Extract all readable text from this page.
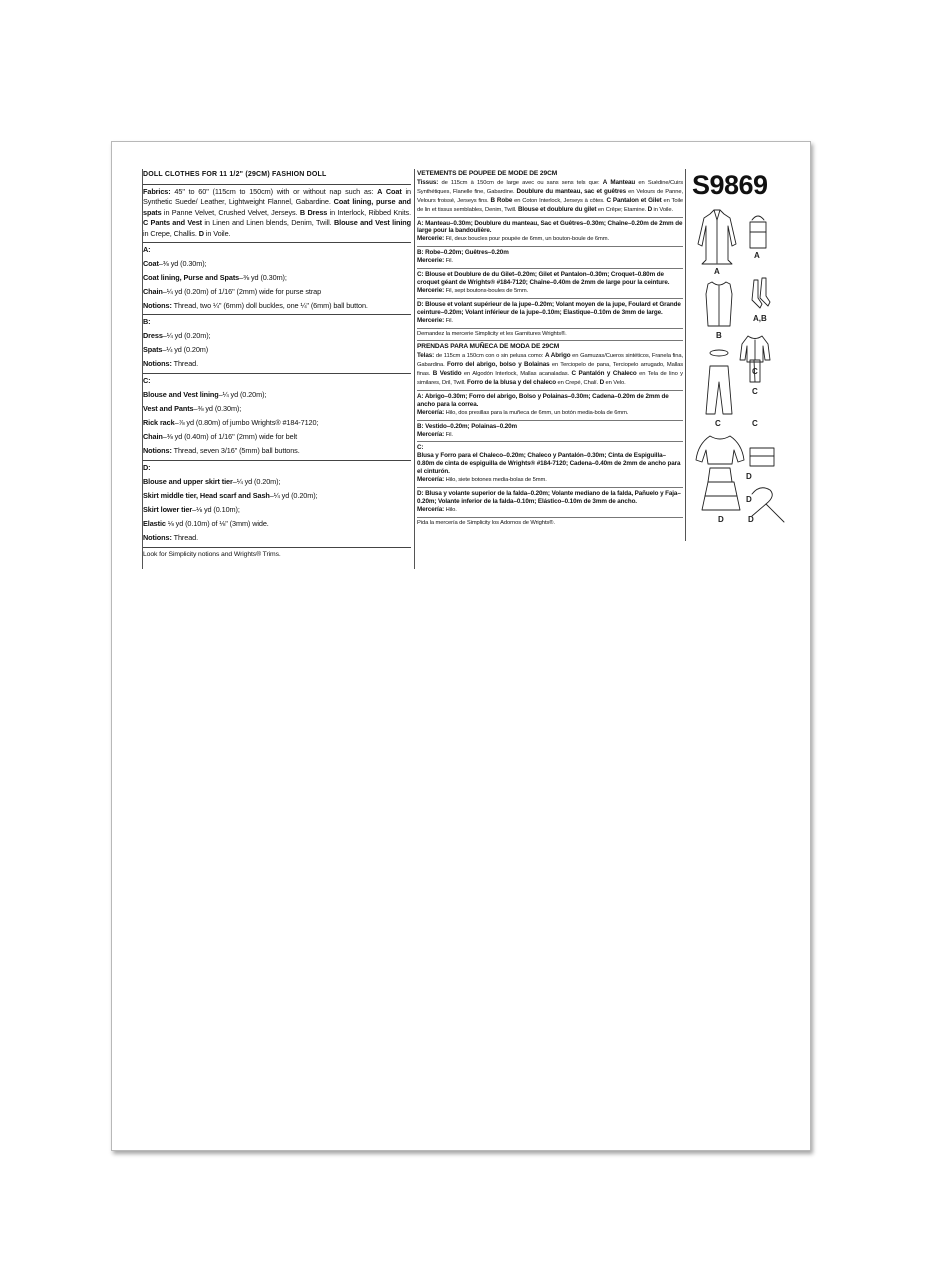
DOLL CLOTHES FOR 11 1/2" (29CM) FASHION DOLL
Fabrics: 45" to 60" (115cm to 150cm) with or without nap such as: A Coat in Synthetic Suede/ Leather, Lightweight Flannel, Gabardine. Coat lining, purse and spats in Panne Velvet, Crushed Velvet, Jerseys. B Dress in Interlock, Ribbed Knits. C Pants and Vest in Linen and Linen blends, Denim, Twill. Blouse and Vest lining in Crepe, Challis. D in Voile.
A:
Coat–⅜ yd (0.30m);
Coat lining, Purse and Spats–⅜ yd (0.30m);
Chain–¼ yd (0.20m) of 1/16" (2mm) wide for purse strap
Notions: Thread, two ¼" (6mm) doll buckles, one ¼" (6mm) ball button.
B:
Dress–¼ yd (0.20m);
Spats–¼ yd (0.20m)
Notions: Thread.
C:
Blouse and Vest lining–¼ yd (0.20m);
Vest and Pants–⅜ yd (0.30m);
Rick rack–⅞ yd (0.80m) of jumbo Wrights® #184-7120;
Chain–⅜ yd (0.40m) of 1/16" (2mm) wide for belt
Notions: Thread, seven 3/16" (5mm) ball buttons.
D:
Blouse and upper skirt tier–¼ yd (0.20m);
Skirt middle tier, Head scarf and Sash–¼ yd (0.20m);
Skirt lower tier–⅛ yd (0.10m);
Elastic ⅛ yd (0.10m) of ⅛" (3mm) wide.
Notions: Thread.
Look for Simplicity notions and Wrights® Trims.
VETEMENTS DE POUPEE DE MODE DE 29CM
Tissus: de 115cm à 150cm de large avec ou sans sens tels que: A Manteau en Suédine/Cuirs Synthétiques, Flanelle fine, Gabardine. Doublure du manteau, sac et guêtres en Velours de Panne, Velours froissé, Jerseys fins. B Robe en Coton Interlock, Jerseys à côtes. C Pantalon et Gilet en Toile de lin et tissus semblables, Denim, Twill. Blouse et doublure du gilet en Crêpe; Etamine. D in Voile.
A: Manteau–0.30m; Doublure du manteau, Sac et Guêtres–0.30m; Chaîne–0.20m de 2mm de large pour la bandoulière.
Mercerie: Fil, deux boucles pour poupée de 6mm, un bouton-boule de 6mm.
B: Robe–0.20m; Guêtres–0.20m
Mercerie: Fil.
C: Blouse et Doublure de du Gilet–0.20m; Gilet et Pantalon–0.30m; Croquet–0.80m de croquet géant de Wrights® #184-7120; Chaîne–0.40m de 2mm de large pour la ceinture.
Mercerie: Fil, sept boutons-boules de 5mm.
D: Blouse et volant supérieur de la jupe–0.20m; Volant moyen de la jupe, Foulard et Grande ceinture–0.20m; Volant inférieur de la jupe–0.10m; Elastique–0.10m de 3mm de large.
Mercerie: Fil.
Demandez la mercerie Simplicity et les Garnitures Wrights®.
PRENDAS PARA MUÑECA DE MODA DE 29CM
Telas: de 115cm a 150cm con o sin pelusa como: A Abrigo en Gamuzas/Cueros sintéticos, Franela fina, Gabardina. Forro del abrigo, bolso y Bolainas en Terciopelo de pana, Terciopelo arrugado, Mallas finas. B Vestido en Algodón Interlock, Mallas acanaladas. C Pantalón y Chaleco en Tela de lino y similares, Dril, Twill. Forro de la blusa y del chaleco en Crepé, Chalí. D en Velo.
A: Abrigo–0.30m; Forro del abrigo, Bolso y Polainas–0.30m; Cadena–0.20m de 2mm de ancho para la correa.
Mercería: Hilo, dos presillas para la muñeca de 6mm, un botón media-bola de 6mm.
B: Vestido–0.20m; Polainas–0.20m
Mercería: Fil.
C:
Blusa y Forro para el Chaleco–0.20m; Chaleco y Pantalón–0.30m; Cinta de Espiguilla–0.80m de cinta de espiguilla de Wrights® #184-7120; Cadena–0.40m de 2mm de ancho para el cinturón.
Mercería: Hilo, siete botones media-bolas de 5mm.
D: Blusa y volante superior de la falda–0.20m; Volante mediano de la falda, Pañuelo y Faja–0.20m; Volante inferior de la falda–0.10m; Elástico–0.10m de 3mm de ancho.
Mercería: Hilo.
Pida la mercería de Simplicity los Adornos de Wrights®.
S9869
A
A
B
A,B
C
C
C
C
D
D
D	D
